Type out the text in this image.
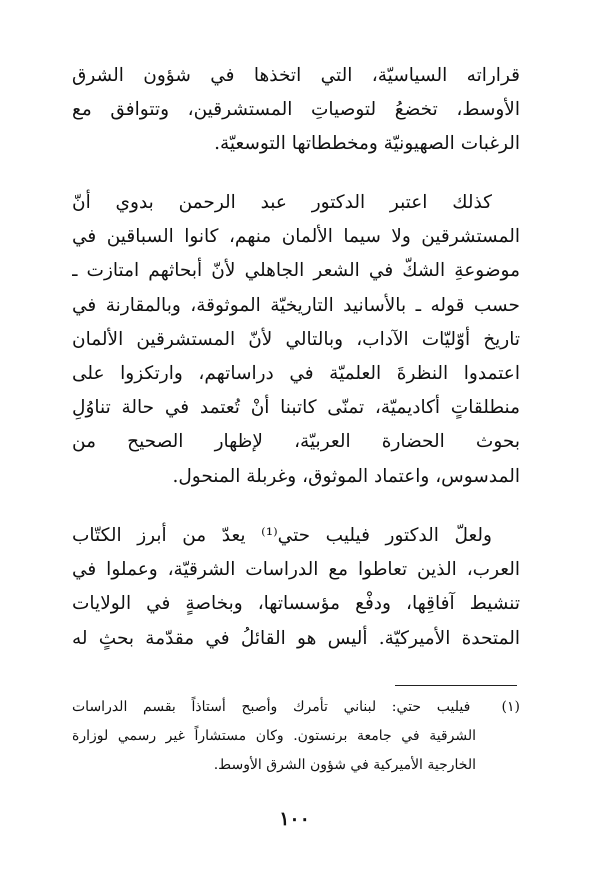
قراراته السياسيّة، التي اتخذها في شؤون الشرق
الأوسط، تخضعُ لتوصياتِ المستشرقين، وتتوافق مع
الرغبات الصهيونيّة ومخططاتها التوسعيّة.
كذلك اعتبر الدكتور عبد الرحمن بدوي أنّ
المستشرقين ولا سيما الألمان منهم، كانوا السباقين في
موضوعةِ الشكّ في الشعر الجاهلي لأنّ أبحاثهم امتازت ـ
حسب قوله ـ بالأسانيد التاريخيّة الموثوقة، وبالمقارنة في
تاريخ أوّليّات الآداب، وبالتالي لأنّ المستشرقين الألمان
اعتمدوا النظرةَ العلميّة في دراساتهم، وارتكزوا على
منطلقاتٍ أكاديميّة، تمنّى كاتبنا أنْ تُعتمد في حالة تناوُلِ
بحوث الحضارة العربيّة، لإظهار الصحيح من
المدسوس، واعتماد الموثوق، وغربلة المنحول.
ولعلّ الدكتور فيليب حتي⁽¹⁾ يعدّ من أبرز الكتّاب
العرب، الذين تعاطوا مع الدراسات الشرقيّة، وعملوا في
تنشيط آفاقِها، ودفْع مؤسساتها، وبخاصةٍ في الولايات
المتحدة الأميركيّة. أليس هو القائلُ في مقدّمة بحثٍ له
(١) فيليب حتي: لبناني تأمرك وأصبح أستاذاً بقسم الدراسات
الشرقية في جامعة برنستون. وكان مستشاراً غير رسمي لوزارة
الخارجية الأميركية في شؤون الشرق الأوسط.
١٠٠
